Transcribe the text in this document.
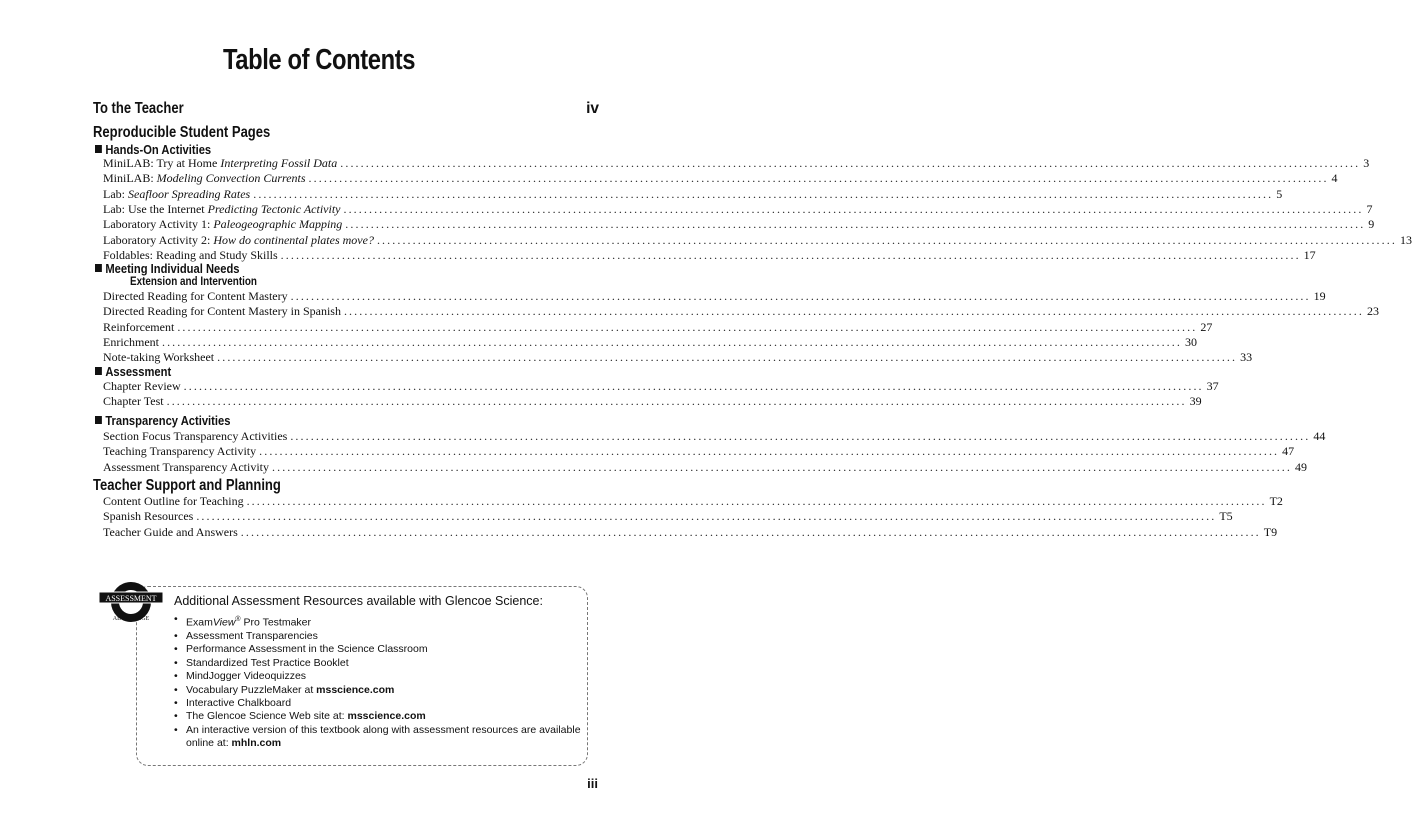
Table of Contents
To the Teacher	iv
Reproducible Student Pages
Hands-On Activities
Meeting Individual Needs
Extension and Intervention
Assessment
Transparency Activities
Teacher Support and Planning
ASSESSMENT
ADVANTAGE
Additional Assessment Resources available with Glencoe Science:
• ExamView® Pro Testmaker
• Assessment Transparencies
• Performance Assessment in the Science Classroom
• Standardized Test Practice Booklet
• MindJogger Videoquizzes
• Vocabulary PuzzleMaker at msscience.com
• Interactive Chalkboard
• The Glencoe Science Web site at: msscience.com
• An interactive version of this textbook along with assessment resources are available online at: mhln.com
iii
MiniLAB: Try at Home Interpreting Fossil Data ........................................................................................................................................................................................................ 3
MiniLAB: Modeling Convection Currents ........................................................................................................................................................................................................ 4
Lab: Seafloor Spreading Rates ........................................................................................................................................................................................................ 5
Lab: Use the Internet Predicting Tectonic Activity ........................................................................................................................................................................................................ 7
Laboratory Activity 1: Paleogeographic Mapping ........................................................................................................................................................................................................ 9
Laboratory Activity 2: How do continental plates move? ........................................................................................................................................................................................................ 13
Foldables: Reading and Study Skills ........................................................................................................................................................................................................ 17
Directed Reading for Content Mastery ........................................................................................................................................................................................................ 19
Directed Reading for Content Mastery in Spanish ........................................................................................................................................................................................................ 23
Reinforcement ........................................................................................................................................................................................................ 27
Enrichment ........................................................................................................................................................................................................ 30
Note-taking Worksheet ........................................................................................................................................................................................................ 33
Chapter Review ........................................................................................................................................................................................................ 37
Chapter Test ........................................................................................................................................................................................................ 39
Section Focus Transparency Activities ........................................................................................................................................................................................................ 44
Teaching Transparency Activity ........................................................................................................................................................................................................ 47
Assessment Transparency Activity ........................................................................................................................................................................................................ 49
Content Outline for Teaching ........................................................................................................................................................................................................ T2
Spanish Resources ........................................................................................................................................................................................................ T5
Teacher Guide and Answers ........................................................................................................................................................................................................ T9
